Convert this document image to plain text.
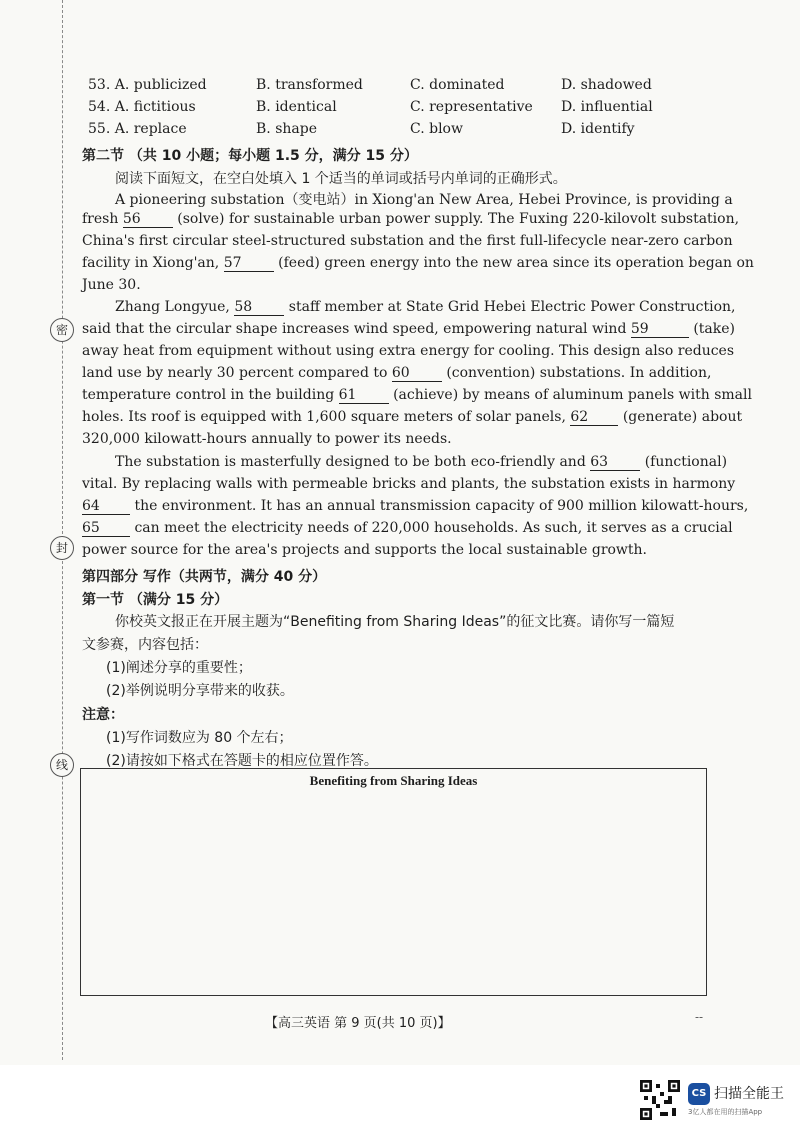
密
封
线
53. A. publicized	B. transformed	C. dominated	D. shadowed
54. A. fictitious	B. identical	C. representative D. influential
55. A. replace	B. shape	C. blow	D. identify
第二节 （共 10 小题；每小题 1.5 分，满分 15 分）
阅读下面短文，在空白处填入 1 个适当的单词或括号内单词的正确形式。
A pioneering substation（变电站）in Xiong'an New Area, Hebei Province, is providing a
fresh 56	(solve) for sustainable urban power supply. The Fuxing 220-kilovolt substation,
China's first circular steel-structured substation and the first full-lifecycle near-zero carbon
facility in Xiong'an, 57	(feed) green energy into the new area since its operation began on
June 30.
Zhang Longyue, 58	staff member at State Grid Hebei Electric Power Construction,
said that the circular shape increases wind speed, empowering natural wind 59	(take)
away heat from equipment without using extra energy for cooling. This design also reduces
land use by nearly 30 percent compared to 60	(convention) substations. In addition,
temperature control in the building 61	(achieve) by means of aluminum panels with small
holes. Its roof is equipped with 1,600 square meters of solar panels, 62 (generate) about
320,000 kilowatt-hours annually to power its needs.
The substation is masterfully designed to be both eco-friendly and 63	(functional)
vital. By replacing walls with permeable bricks and plants, the substation exists in harmony
64 the environment. It has an annual transmission capacity of 900 million kilowatt-hours,
65 can meet the electricity needs of 220,000 households. As such, it serves as a crucial
power source for the area's projects and supports the local sustainable growth.
第四部分 写作（共两节，满分 40 分）
第一节 （满分 15 分）
你校英文报正在开展主题为“Benefiting from Sharing Ideas”的征文比赛。请你写一篇短
文参赛，内容包括：
(1)阐述分享的重要性；
(2)举例说明分享带来的收获。
注意：
(1)写作词数应为 80 个左右；
(2)请按如下格式在答题卡的相应位置作答。
Benefiting from Sharing Ideas
【高三英语 第 9 页(共 10 页)】	--
CS 扫描全能王
3亿人都在用的扫描App
